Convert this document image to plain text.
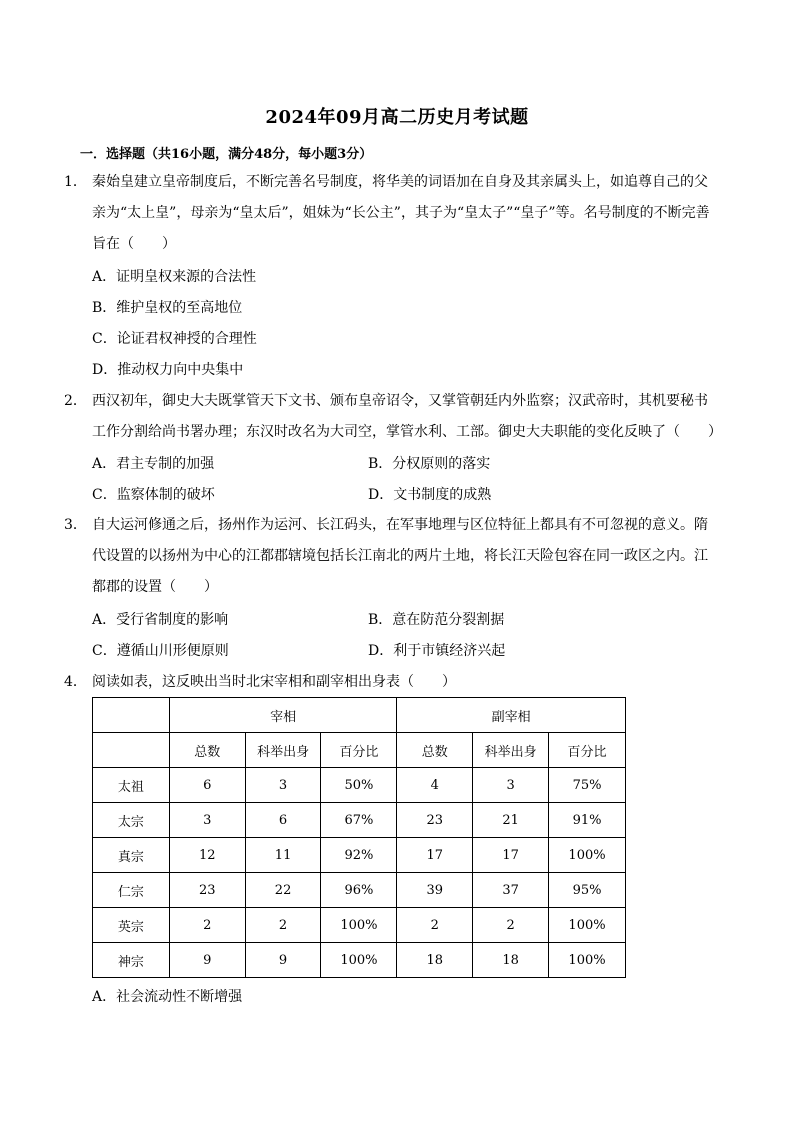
2024年09月高二历史月考试题
一．选择题（共16小题，满分48分，每小题3分）

1． 秦始皇建立皇帝制度后，不断完善名号制度，将华美的词语加在自身及其亲属头上，如追尊自己的父亲为“太上皇”，母亲为“皇太后”，姐妹为“长公主”，其子为“皇太子”“皇子”等。名号制度的不断完善旨在（　　）

A．证明皇权来源的合法性
B．维护皇权的至高地位
C．论证君权神授的合理性
D．推动权力向中央集中

2． 西汉初年，御史大夫既掌管天下文书、颁布皇帝诏令，又掌管朝廷内外监察；汉武帝时，其机要秘书工作分割给尚书署办理；东汉时改名为大司空，掌管水利、工部。御史大夫职能的变化反映了（　　）

A．君主专制的加强	B．分权原则的落实
C．监察体制的破坏	D．文书制度的成熟

3． 自大运河修通之后，扬州作为运河、长江码头，在军事地理与区位特征上都具有不可忽视的意义。隋代设置的以扬州为中心的江都郡辖境包括长江南北的两片土地，将长江天险包容在同一政区之内。江都郡的设置（　　）

A．受行省制度的影响	B．意在防范分裂割据
C．遵循山川形便原则	D．利于市镇经济兴起

4． 阅读如表，这反映出当时北宋宰相和副宰相出身表（　　）

	宰相			副宰相		
	总数	科举出身	百分比	总数	科举出身	百分比
太祖	6	3	50%	4	3	75%
太宗	3	6	67%	23	21	91%
真宗	12	11	92%	17	17	100%
仁宗	23	22	96%	39	37	95%
英宗	2	2	100%	2	2	100%
神宗	9	9	100%	18	18	100%
A．社会流动性不断增强
